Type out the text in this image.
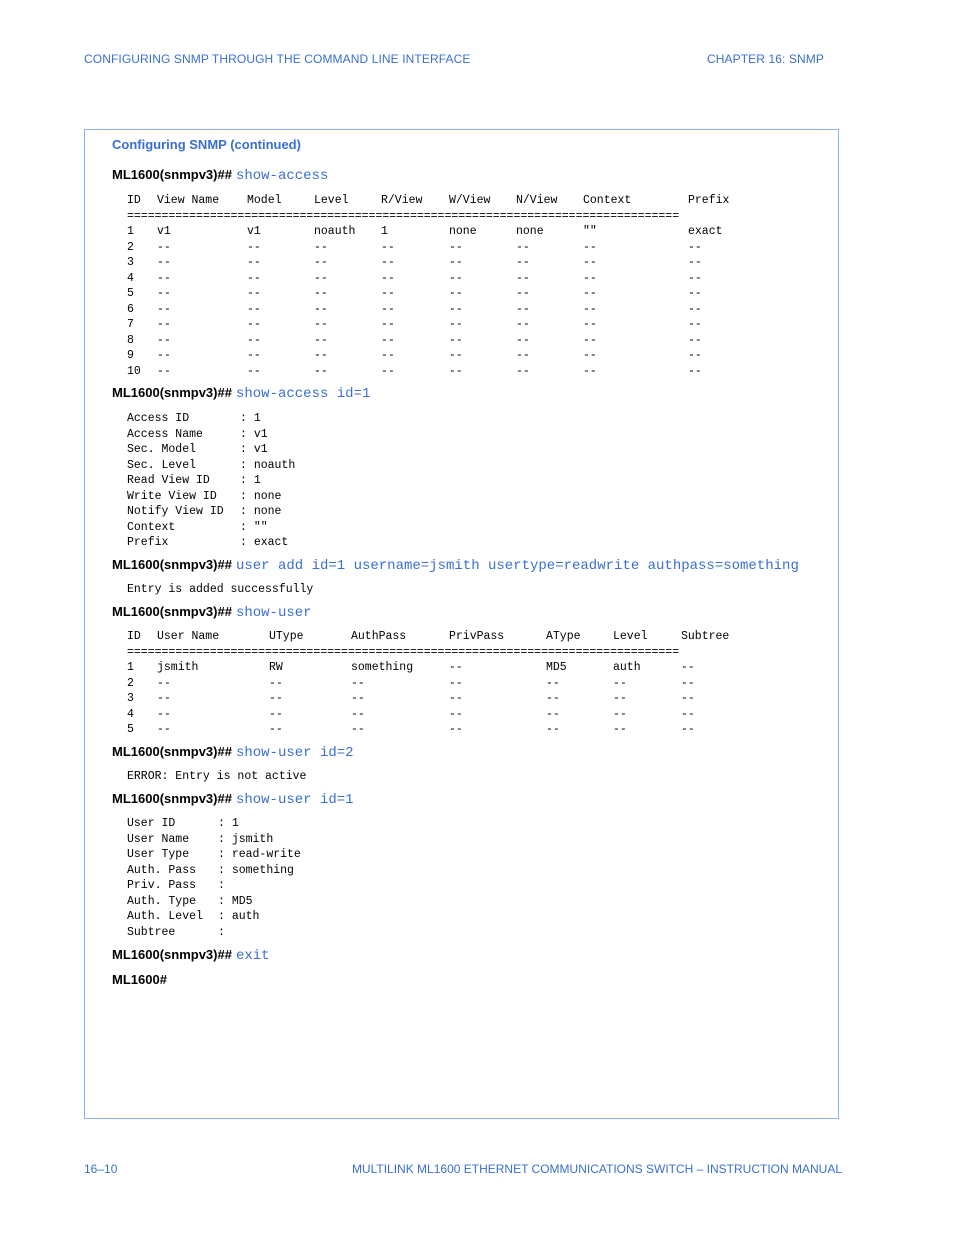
CONFIGURING SNMP THROUGH THE COMMAND LINE INTERFACE	CHAPTER 16: SNMP
Configuring SNMP (continued)
ML1600(snmpv3)## show-access
ID View Name Model	Level	R/View W/View N/View Context	Prefix
================================================================================
1 v1	v1	noauth 1	none	none	""	exact
2 --	--	--	--	--	--	--	--
3 --	--	--	--	--	--	--	--
4 --	--	--	--	--	--	--	--
5 --	--	--	--	--	--	--	--
6 --	--	--	--	--	--	--	--
7 --	--	--	--	--	--	--	--
8 --	--	--	--	--	--	--	--
9 --	--	--	--	--	--	--	--
10 --	--	--	--	--	--	--	--
ML1600(snmpv3)## show-access id=1
Access ID	: 1
Access Name	: v1
Sec. Model	: v1
Sec. Level	: noauth
Read View ID	: 1
Write View ID : none
Notify View ID : none
Context	: ""
Prefix	: exact
ML1600(snmpv3)## user add id=1 username=jsmith usertype=readwrite authpass=something
Entry is added successfully
ML1600(snmpv3)## show-user
ID User Name	UType	AuthPass	PrivPass	AType	Level	Subtree
================================================================================
1 jsmith	RW	something	--	MD5	auth	--
2 --	--	--	--	--	--	--
3 --	--	--	--	--	--	--
4 --	--	--	--	--	--	--
5 --	--	--	--	--	--	--
ML1600(snmpv3)## show-user id=2
ERROR: Entry is not active
ML1600(snmpv3)## show-user id=1
User ID	: 1
User Name	: jsmith
User Type	: read-write
Auth. Pass : something
Priv. Pass :
Auth. Type : MD5
Auth. Level : auth
Subtree	:
ML1600(snmpv3)## exit
ML1600#
16–10	MULTILINK ML1600 ETHERNET COMMUNICATIONS SWITCH – INSTRUCTION MANUAL
